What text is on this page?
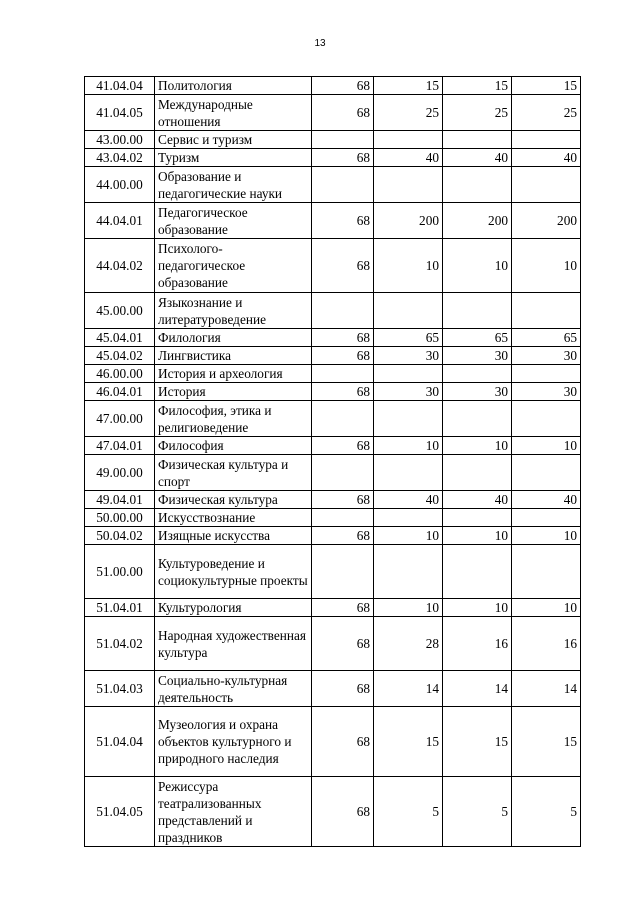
13
41.04.04	Политология	68	15	15	15
41.04.05	Международные отношения	68	25	25	25
43.00.00	Сервис и туризм				
43.04.02	Туризм	68	40	40	40
44.00.00	Образование и педагогические науки				
44.04.01	Педагогическое образование	68	200	200	200
44.04.02	Психолого-педагогическое образование	68	10	10	10
45.00.00	Языкознание и литературоведение				
45.04.01	Филология	68	65	65	65
45.04.02	Лингвистика	68	30	30	30
46.00.00	История и археология				
46.04.01	История	68	30	30	30
47.00.00	Философия, этика и религиоведение				
47.04.01	Философия	68	10	10	10
49.00.00	Физическая культура и спорт				
49.04.01	Физическая культура	68	40	40	40
50.00.00	Искусствознание				
50.04.02	Изящные искусства	68	10	10	10
51.00.00	Культуроведение и социокультурные проекты				
51.04.01	Культурология	68	10	10	10
51.04.02	Народная художественная культура	68	28	16	16
51.04.03	Социально-культурная деятельность	68	14	14	14
51.04.04	Музеология и охрана объектов культурного и природного наследия	68	15	15	15
51.04.05	Режиссура театрализованных представлений и праздников	68	5	5	5
